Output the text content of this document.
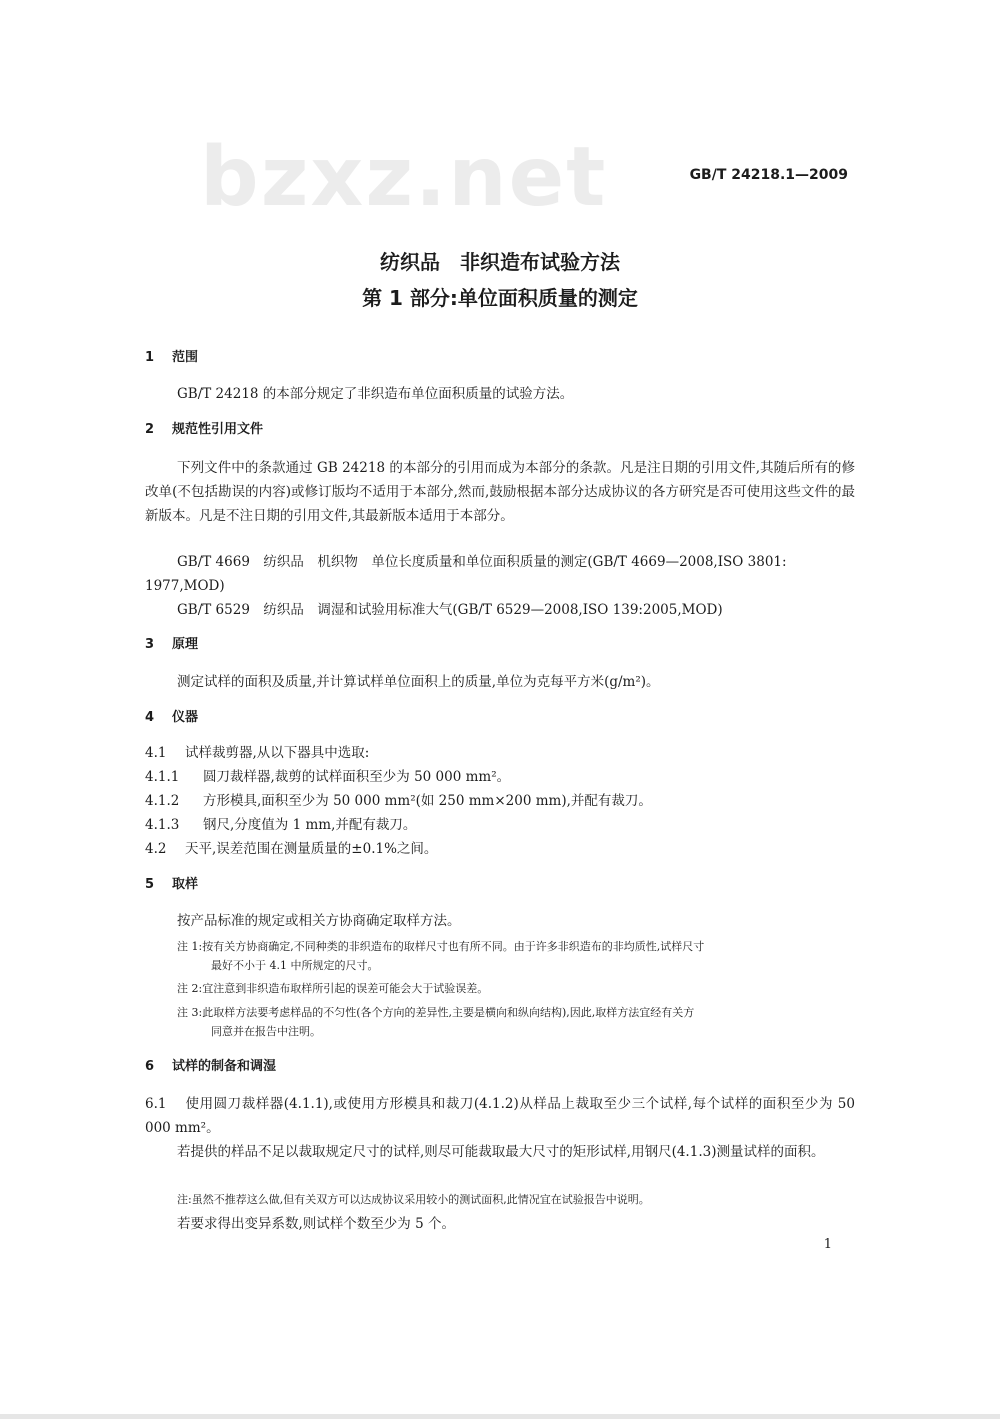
bzxz.net	GB/T 24218.1—2009
纺织品　非织造布试验方法
第 1 部分:单位面积质量的测定
1 范围
GB/T 24218 的本部分规定了非织造布单位面积质量的试验方法。
2 规范性引用文件
下列文件中的条款通过 GB 24218 的本部分的引用而成为本部分的条款。凡是注日期的引用文件,其随后所有的修改单(不包括勘误的内容)或修订版均不适用于本部分,然而,鼓励根据本部分达成协议的各方研究是否可使用这些文件的最新版本。凡是不注日期的引用文件,其最新版本适用于本部分。
GB/T 4669　纺织品　机织物　单位长度质量和单位面积质量的测定(GB/T 4669—2008,ISO 3801:
1977,MOD)
GB/T 6529　纺织品　调湿和试验用标准大气(GB/T 6529—2008,ISO 139:2005,MOD)
3 原理
测定试样的面积及质量,并计算试样单位面积上的质量,单位为克每平方米(g/m²)。
4 仪器
4.1 试样裁剪器,从以下器具中选取:
4.1.1 圆刀裁样器,裁剪的试样面积至少为 50 000 mm²。
4.1.2 方形模具,面积至少为 50 000 mm²(如 250 mm×200 mm),并配有裁刀。
4.1.3 钢尺,分度值为 1 mm,并配有裁刀。
4.2 天平,误差范围在测量质量的±0.1%之间。
5 取样
按产品标准的规定或相关方协商确定取样方法。
注 1:按有关方协商确定,不同种类的非织造布的取样尺寸也有所不同。由于许多非织造布的非均质性,试样尺寸
最好不小于 4.1 中所规定的尺寸。
注 2:宜注意到非织造布取样所引起的误差可能会大于试验误差。
注 3:此取样方法要考虑样品的不匀性(各个方向的差异性,主要是横向和纵向结构),因此,取样方法宜经有关方
同意并在报告中注明。
6 试样的制备和调湿
6.1 使用圆刀裁样器(4.1.1),或使用方形模具和裁刀(4.1.2)从样品上裁取至少三个试样,每个试样的面积至少为 50 000 mm²。
若提供的样品不足以裁取规定尺寸的试样,则尽可能裁取最大尺寸的矩形试样,用钢尺(4.1.3)测量试样的面积。
注:虽然不推荐这么做,但有关双方可以达成协议采用较小的测试面积,此情况宜在试验报告中说明。
若要求得出变异系数,则试样个数至少为 5 个。
1
